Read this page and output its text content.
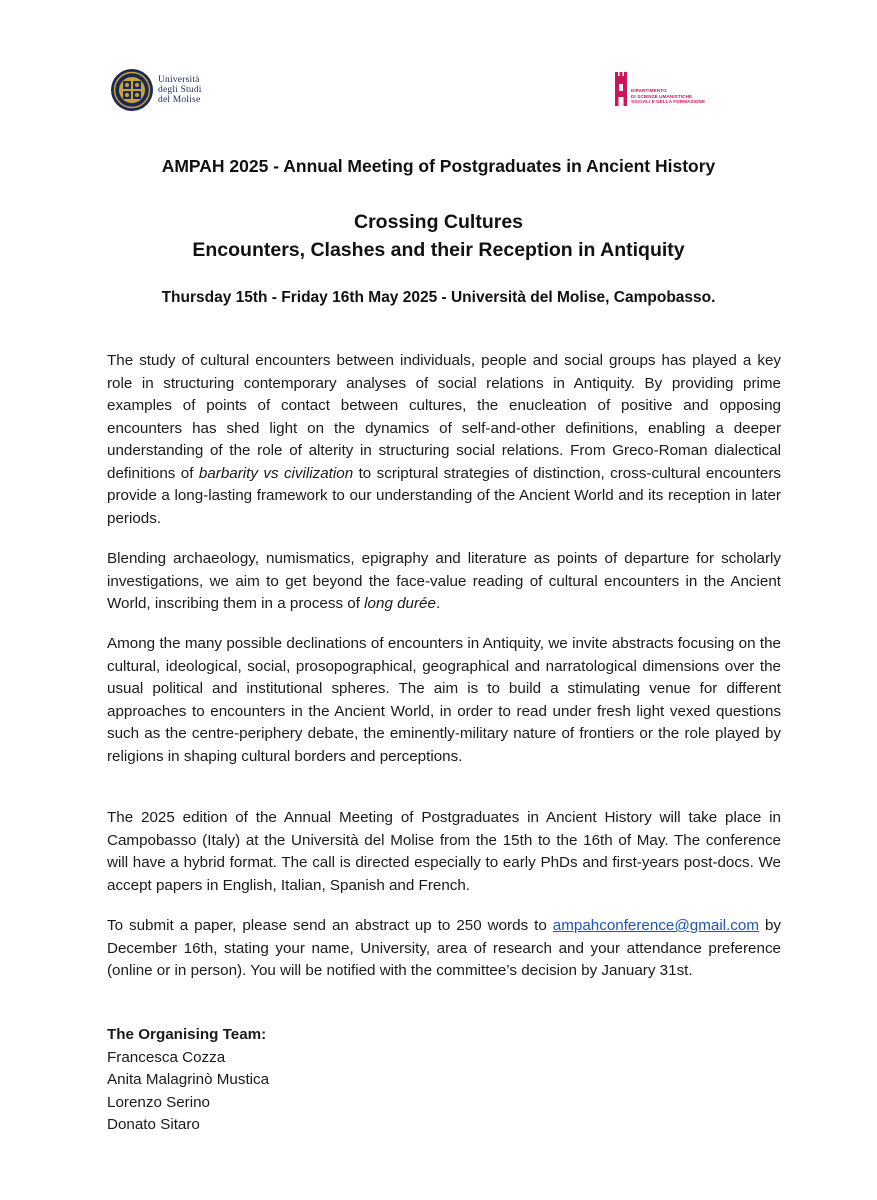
Università
degli Studi
del Molise
DIPARTIMENTO
DI SCIENZE UMANISTICHE
SOCIALI E DELLA FORMAZIONE
AMPAH 2025 - Annual Meeting of Postgraduates in Ancient History
Crossing Cultures
Encounters, Clashes and their Reception in Antiquity
Thursday 15th - Friday 16th May 2025 - Università del Molise, Campobasso.
The study of cultural encounters between individuals, people and social groups has played a key role in structuring contemporary analyses of social relations in Antiquity. By providing prime examples of points of contact between cultures, the enucleation of positive and opposing encounters has shed light on the dynamics of self-and-other definitions, enabling a deeper understanding of the role of alterity in structuring social relations. From Greco-Roman dialectical definitions of barbarity vs civilization to scriptural strategies of distinction, cross-cultural encounters provide a long-lasting framework to our understanding of the Ancient World and its reception in later periods.
Blending archaeology, numismatics, epigraphy and literature as points of departure for scholarly investigations, we aim to get beyond the face-value reading of cultural encounters in the Ancient World, inscribing them in a process of long durée.
Among the many possible declinations of encounters in Antiquity, we invite abstracts focusing on the cultural, ideological, social, prosopographical, geographical and narratological dimensions over the usual political and institutional spheres. The aim is to build a stimulating venue for different approaches to encounters in the Ancient World, in order to read under fresh light vexed questions such as the centre-periphery debate, the eminently-military nature of frontiers or the role played by religions in shaping cultural borders and perceptions.
The 2025 edition of the Annual Meeting of Postgraduates in Ancient History will take place in Campobasso (Italy) at the Università del Molise from the 15th to the 16th of May. The conference will have a hybrid format. The call is directed especially to early PhDs and first-years post-docs. We accept papers in English, Italian, Spanish and French.
To submit a paper, please send an abstract up to 250 words to ampahconference@gmail.com by December 16th, stating your name, University, area of research and your attendance preference (online or in person). You will be notified with the committee’s decision by January 31st.
The Organising Team:
Francesca Cozza
Anita Malagrinò Mustica
Lorenzo Serino
Donato Sitaro
